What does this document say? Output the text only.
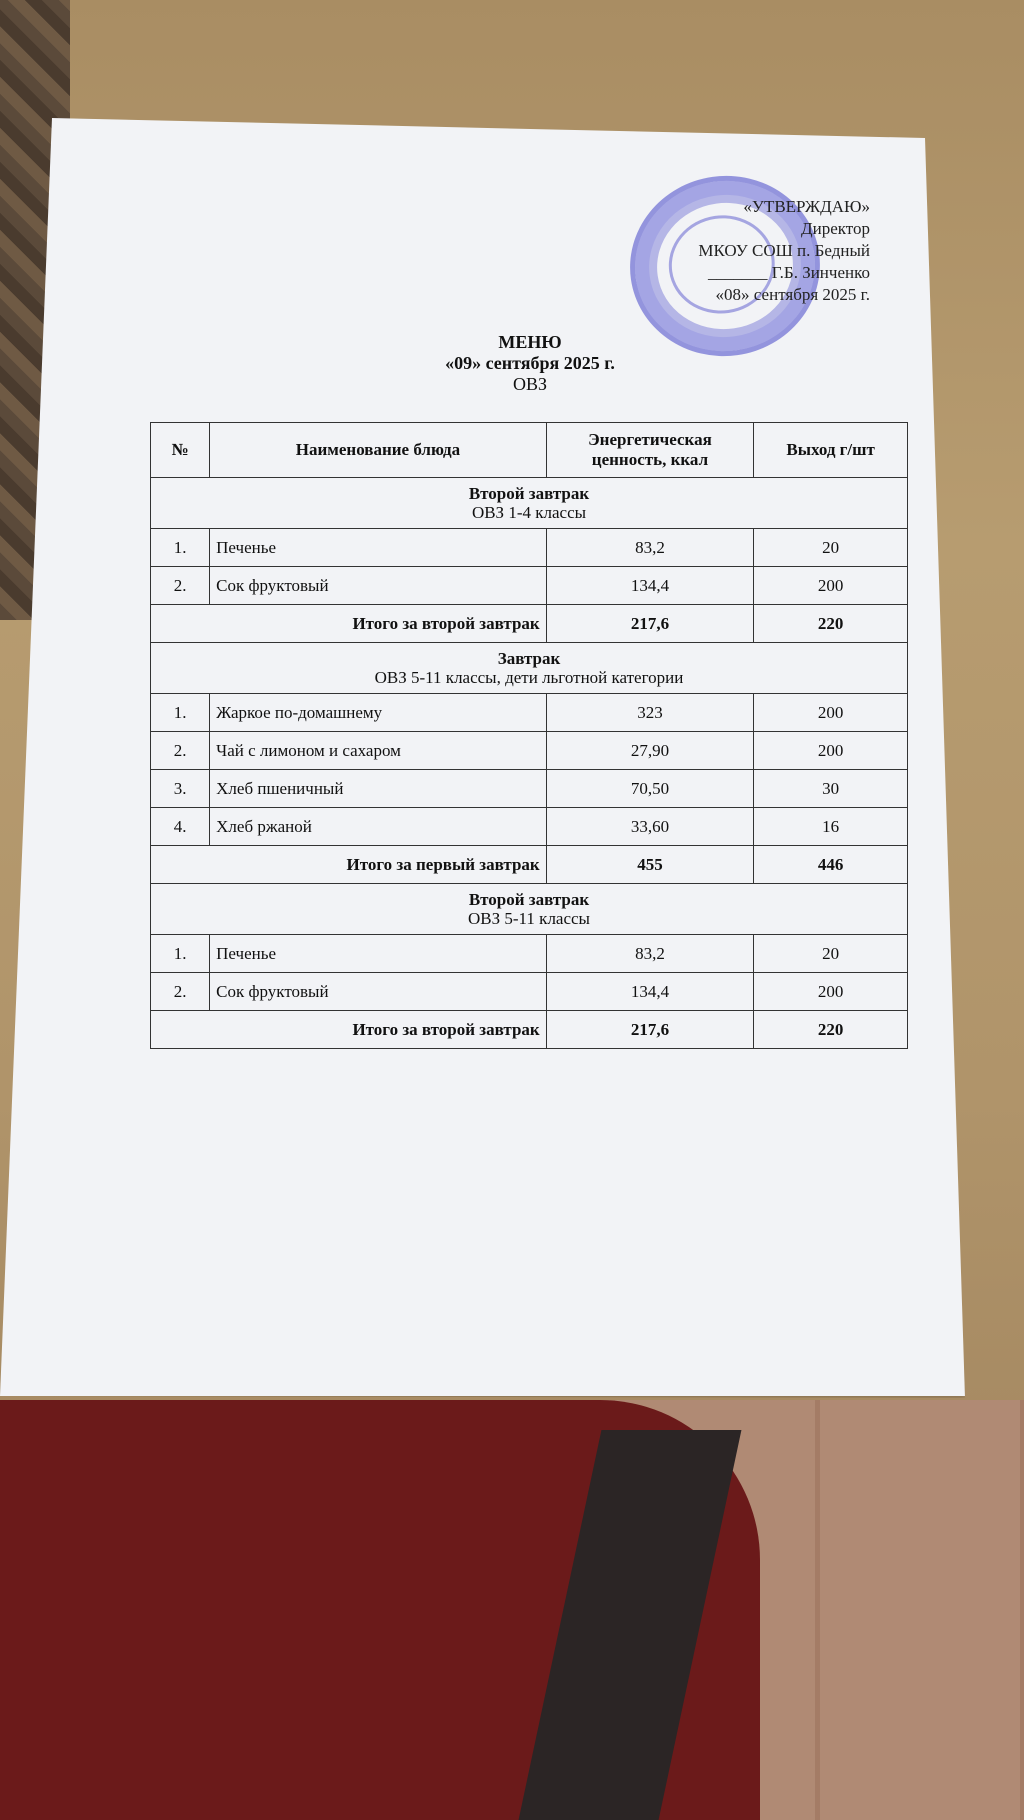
«УТВЕРЖДАЮ»
Директор
МКОУ СОШ п. Бедный
_______ Г.Б. Зинченко
«08» сентября 2025 г.
МЕНЮ
«09» сентября 2025 г.
ОВЗ
№	Наименование блюда	Энергетическая ценность, ккал	Выход г/шт

Второй завтрак
ОВЗ 1-4 классы			

1.	Печенье	83,2	20
2.	Сок фруктовый	134,4	200
Итого за второй завтрак		217,6	220

Завтрак
ОВЗ 5-11 классы, дети льготной категории			

1.	Жаркое по-домашнему	323	200
2.	Чай с лимоном и сахаром	27,90	200
3.	Хлеб пшеничный	70,50	30
4.	Хлеб ржаной	33,60	16
Итого за первый завтрак		455	446

Второй завтрак
ОВЗ 5-11 классы			

1.	Печенье	83,2	20
2.	Сок фруктовый	134,4	200
Итого за второй завтрак		217,6	220
